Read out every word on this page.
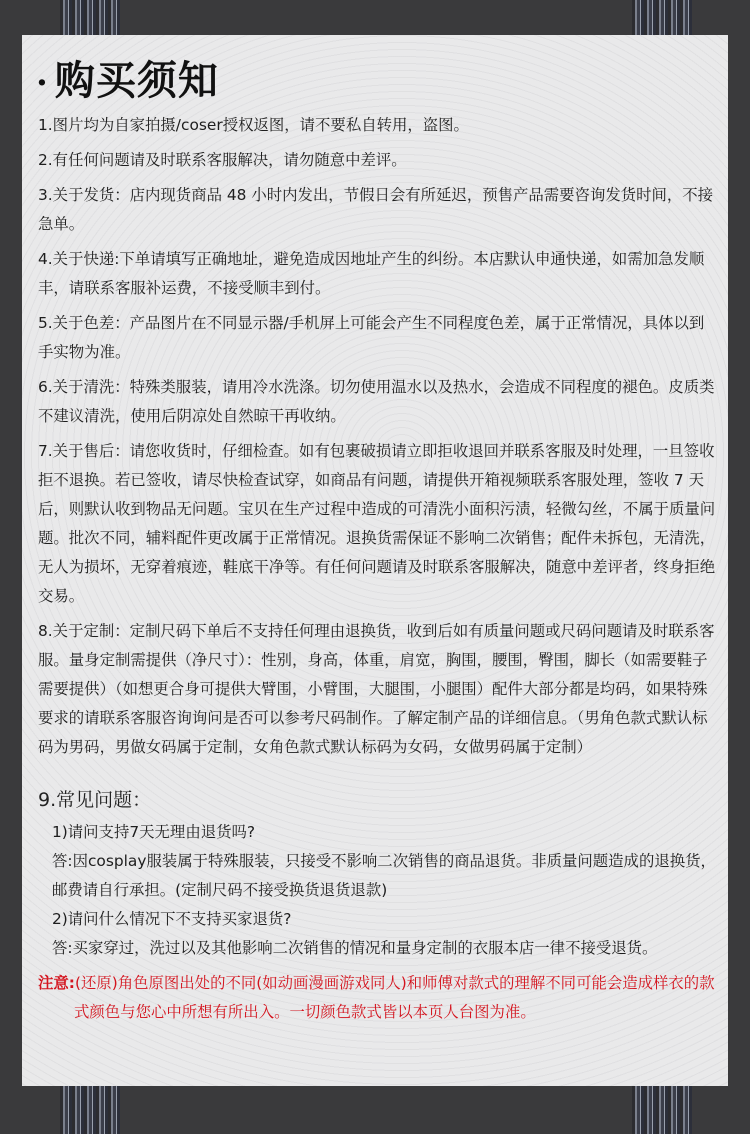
· 购买须知

1.图片均为自家拍摄/coser授权返图，请不要私自转用，盗图。

2.有任何问题请及时联系客服解决，请勿随意中差评。

3.关于发货：店内现货商品 48 小时内发出，节假日会有所延迟，预售产品需要咨询发货时间，不接急单。

4.关于快递:下单请填写正确地址，避免造成因地址产生的纠纷。本店默认申通快递，如需加急发顺丰，请联系客服补运费，不接受顺丰到付。

5.关于色差：产品图片在不同显示器/手机屏上可能会产生不同程度色差，属于正常情况，具体以到手实物为准。

6.关于清洗：特殊类服装，请用冷水洗涤。切勿使用温水以及热水，会造成不同程度的褪色。皮质类不建议清洗，使用后阴凉处自然晾干再收纳。

7.关于售后：请您收货时，仔细检查。如有包裹破损请立即拒收退回并联系客服及时处理，一旦签收拒不退换。若已签收，请尽快检查试穿，如商品有问题，请提供开箱视频联系客服处理，签收 7 天后，则默认收到物品无问题。宝贝在生产过程中造成的可清洗小面积污渍，轻微勾丝，不属于质量问题。批次不同，辅料配件更改属于正常情况。退换货需保证不影响二次销售；配件未拆包，无清洗，无人为损坏，无穿着痕迹，鞋底干净等。有任何问题请及时联系客服解决，随意中差评者，终身拒绝交易。

8.关于定制：定制尺码下单后不支持任何理由退换货，收到后如有质量问题或尺码问题请及时联系客服。量身定制需提供（净尺寸）：性别，身高，体重，肩宽，胸围，腰围，臀围，脚长（如需要鞋子需要提供）（如想更合身可提供大臂围，小臂围，大腿围，小腿围）配件大部分都是均码，如果特殊要求的请联系客服咨询询问是否可以参考尺码制作。了解定制产品的详细信息。（男角色款式默认标码为男码，男做女码属于定制，女角色款式默认标码为女码，女做男码属于定制）

9.常见问题：

1)请问支持7天无理由退货吗?

答:因cosplay服装属于特殊服装，只接受不影响二次销售的商品退货。非质量问题造成的退换货，邮费请自行承担。(定制尺码不接受换货退货退款)

2)请问什么情况下不支持买家退货?

答:买家穿过，洗过以及其他影响二次销售的情况和量身定制的衣服本店一律不接受退货。

注意:(还原)角色原图出处的不同(如动画漫画游戏同人)和师傅对款式的理解不同可能会造成样衣的款式颜色与您心中所想有所出入。一切颜色款式皆以本页人台图为准。
